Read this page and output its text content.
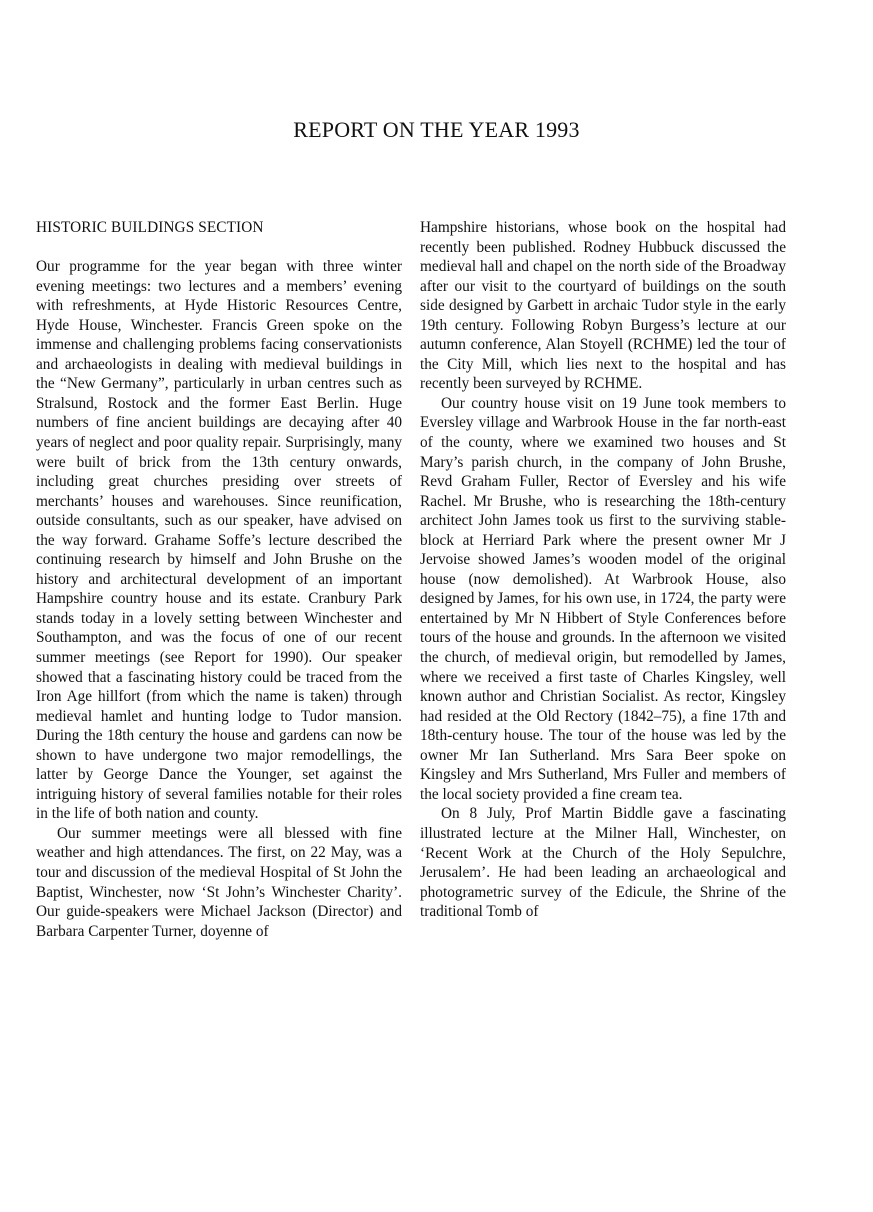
REPORT ON THE YEAR 1993
HISTORIC BUILDINGS SECTION

Our programme for the year began with three winter evening meetings: two lectures and a members’ evening with refreshments, at Hyde Historic Resources Centre, Hyde House, Winchester. Francis Green spoke on the immense and challenging problems facing conservationists and archaeologists in dealing with medieval buildings in the “New Germany”, particularly in urban centres such as Stralsund, Rostock and the former East Berlin. Huge numbers of fine ancient buildings are decaying after 40 years of neglect and poor quality repair. Surprisingly, many were built of brick from the 13th century onwards, including great churches presiding over streets of merchants’ houses and warehouses. Since reunification, outside consultants, such as our speaker, have advised on the way forward. Grahame Soffe’s lecture described the continuing research by himself and John Brushe on the history and architectural development of an important Hampshire country house and its estate. Cranbury Park stands today in a lovely setting between Winchester and Southampton, and was the focus of one of our recent summer meetings (see Report for 1990). Our speaker showed that a fascinating history could be traced from the Iron Age hillfort (from which the name is taken) through medieval hamlet and hunting lodge to Tudor mansion. During the 18th century the house and gardens can now be shown to have undergone two major remodellings, the latter by George Dance the Younger, set against the intriguing history of several families notable for their roles in the life of both nation and county.

Our summer meetings were all blessed with fine weather and high attendances. The first, on 22 May, was a tour and discussion of the medieval Hospital of St John the Baptist, Winchester, now ‘St John’s Winchester Charity’. Our guide-speakers were Michael Jackson (Director) and Barbara Carpenter Turner, doyenne of

Hampshire historians, whose book on the hospital had recently been published. Rodney Hubbuck discussed the medieval hall and chapel on the north side of the Broadway after our visit to the courtyard of buildings on the south side designed by Garbett in archaic Tudor style in the early 19th century. Following Robyn Burgess’s lecture at our autumn conference, Alan Stoyell (RCHME) led the tour of the City Mill, which lies next to the hospital and has recently been surveyed by RCHME.

Our country house visit on 19 June took members to Eversley village and Warbrook House in the far north-east of the county, where we examined two houses and St Mary’s parish church, in the company of John Brushe, Revd Graham Fuller, Rector of Eversley and his wife Rachel. Mr Brushe, who is researching the 18th-century architect John James took us first to the surviving stable-block at Herriard Park where the present owner Mr J Jervoise showed James’s wooden model of the original house (now demolished). At Warbrook House, also designed by James, for his own use, in 1724, the party were entertained by Mr N Hibbert of Style Conferences before tours of the house and grounds. In the afternoon we visited the church, of medieval origin, but remodelled by James, where we received a first taste of Charles Kingsley, well known author and Christian Socialist. As rector, Kingsley had resided at the Old Rectory (1842–75), a fine 17th and 18th-century house. The tour of the house was led by the owner Mr Ian Sutherland. Mrs Sara Beer spoke on Kingsley and Mrs Sutherland, Mrs Fuller and members of the local society provided a fine cream tea.

On 8 July, Prof Martin Biddle gave a fascinating illustrated lecture at the Milner Hall, Winchester, on ‘Recent Work at the Church of the Holy Sepulchre, Jerusalem’. He had been leading an archaeological and photogrametric survey of the Edicule, the Shrine of the traditional Tomb of
